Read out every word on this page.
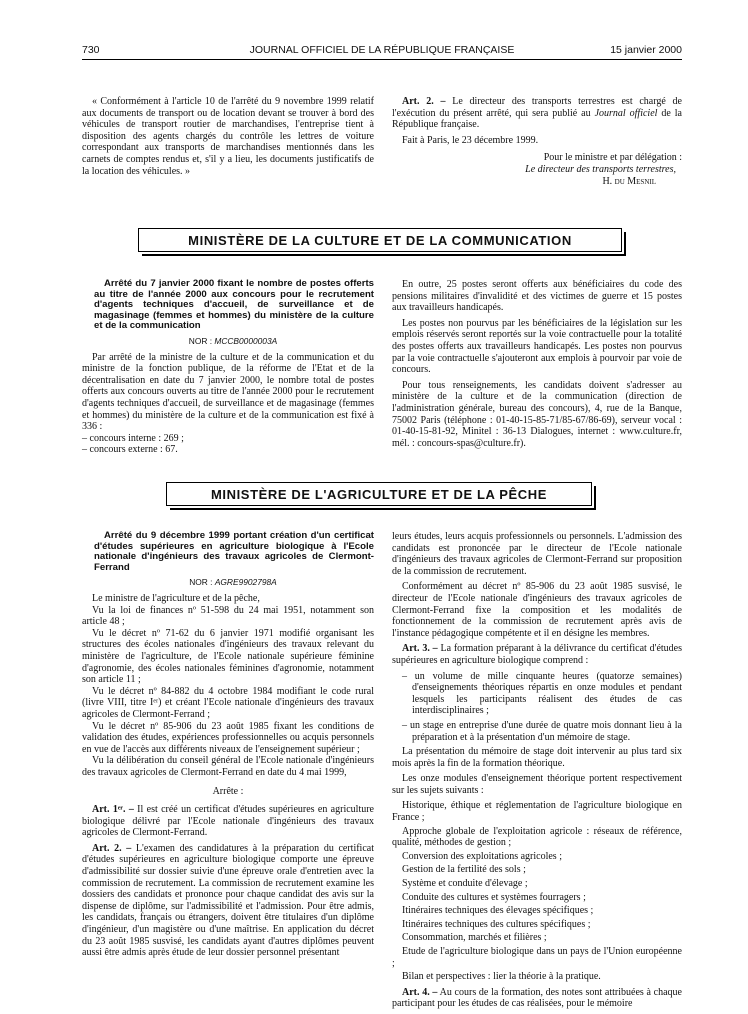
730	JOURNAL OFFICIEL DE LA RÉPUBLIQUE FRANÇAISE	15 janvier 2000

« Conformément à l'article 10 de l'arrêté du 9 novembre 1999 relatif aux documents de transport ou de location devant se trouver à bord des véhicules de transport routier de marchandises, l'entreprise tient à disposition des agents chargés du contrôle les lettres de voiture correspondant aux transports de marchandises mentionnés dans les carnets de comptes rendus et, s'il y a lieu, les documents justificatifs de la location des véhicules. »

Art. 2. – Le directeur des transports terrestres est chargé de l'exécution du présent arrêté, qui sera publié au Journal officiel de la République française.

Fait à Paris, le 23 décembre 1999.

Pour le ministre et par délégation :

Le directeur des transports terrestres,

H. du Mesnil

MINISTÈRE DE LA CULTURE ET DE LA COMMUNICATION

Arrêté du 7 janvier 2000 fixant le nombre de postes offerts au titre de l'année 2000 aux concours pour le recrutement d'agents techniques d'accueil, de surveillance et de magasinage (femmes et hommes) du ministère de la culture et de la communication

NOR : MCCB0000003A

Par arrêté de la ministre de la culture et de la communication et du ministre de la fonction publique, de la réforme de l'Etat et de la décentralisation en date du 7 janvier 2000, le nombre total de postes offerts aux concours ouverts au titre de l'année 2000 pour le recrutement d'agents techniques d'accueil, de surveillance et de magasinage (femmes et hommes) du ministère de la culture et de la communication est fixé à 336 :

– concours interne : 269 ;

– concours externe : 67.

En outre, 25 postes seront offerts aux bénéficiaires du code des pensions militaires d'invalidité et des victimes de guerre et 15 postes aux travailleurs handicapés.

Les postes non pourvus par les bénéficiaires de la législation sur les emplois réservés seront reportés sur la voie contractuelle pour la totalité des postes offerts aux travailleurs handicapés. Les postes non pourvus par la voie contractuelle s'ajouteront aux emplois à pourvoir par voie de concours.

Pour tous renseignements, les candidats doivent s'adresser au ministère de la culture et de la communication (direction de l'administration générale, bureau des concours), 4, rue de la Banque, 75002 Paris (téléphone : 01-40-15-85-71/85-67/86-69), serveur vocal : 01-40-15-81-92, Minitel : 36-13 Dialogues, internet : www.culture.fr, mél. : concours-spas@culture.fr).

MINISTÈRE DE L'AGRICULTURE ET DE LA PÊCHE

Arrêté du 9 décembre 1999 portant création d'un certificat d'études supérieures en agriculture biologique à l'Ecole nationale d'ingénieurs des travaux agricoles de Clermont-Ferrand

NOR : AGRE9902798A

Le ministre de l'agriculture et de la pêche,

Vu la loi de finances nº 51-598 du 24 mai 1951, notamment son article 48 ;

Vu le décret nº 71-62 du 6 janvier 1971 modifié organisant les structures des écoles nationales d'ingénieurs des travaux relevant du ministère de l'agriculture, de l'Ecole nationale supérieure féminine d'agronomie, des écoles nationales féminines d'agronomie, notamment son article 11 ;

Vu le décret nº 84-882 du 4 octobre 1984 modifiant le code rural (livre VIII, titre Iᵉʳ) et créant l'Ecole nationale d'ingénieurs des travaux agricoles de Clermont-Ferrand ;

Vu le décret nº 85-906 du 23 août 1985 fixant les conditions de validation des études, expériences professionnelles ou acquis personnels en vue de l'accès aux différents niveaux de l'enseignement supérieur ;

Vu la délibération du conseil général de l'Ecole nationale d'ingénieurs des travaux agricoles de Clermont-Ferrand en date du 4 mai 1999,

Arrête :

Art. 1ᵉʳ. – Il est créé un certificat d'études supérieures en agriculture biologique délivré par l'Ecole nationale d'ingénieurs des travaux agricoles de Clermont-Ferrand.

Art. 2. – L'examen des candidatures à la préparation du certificat d'études supérieures en agriculture biologique comporte une épreuve d'admissibilité sur dossier suivie d'une épreuve orale d'entretien avec la commission de recrutement. La commission de recrutement examine les dossiers des candidats et prononce pour chaque candidat des avis sur la dispense de diplôme, sur l'admissibilité et l'admission. Pour être admis, les candidats, français ou étrangers, doivent être titulaires d'un diplôme d'ingénieur, d'un magistère ou d'une maîtrise. En application du décret du 23 août 1985 susvisé, les candidats ayant d'autres diplômes peuvent aussi être admis après étude de leur dossier personnel présentant

leurs études, leurs acquis professionnels ou personnels. L'admission des candidats est prononcée par le directeur de l'Ecole nationale d'ingénieurs des travaux agricoles de Clermont-Ferrand sur proposition de la commission de recrutement.

Conformément au décret nº 85-906 du 23 août 1985 susvisé, le directeur de l'Ecole nationale d'ingénieurs des travaux agricoles de Clermont-Ferrand fixe la composition et les modalités de fonctionnement de la commission de recrutement après avis de l'instance pédagogique compétente et il en désigne les membres.

Art. 3. – La formation préparant à la délivrance du certificat d'études supérieures en agriculture biologique comprend :

– un volume de mille cinquante heures (quatorze semaines) d'enseignements théoriques répartis en onze modules et pendant lesquels les participants réalisent des études de cas interdisciplinaires ;

– un stage en entreprise d'une durée de quatre mois donnant lieu à la préparation et à la présentation d'un mémoire de stage.

La présentation du mémoire de stage doit intervenir au plus tard six mois après la fin de la formation théorique.

Les onze modules d'enseignement théorique portent respectivement sur les sujets suivants :

Historique, éthique et réglementation de l'agriculture biologique en France ;

Approche globale de l'exploitation agricole : réseaux de référence, qualité, méthodes de gestion ;

Conversion des exploitations agricoles ;

Gestion de la fertilité des sols ;

Système et conduite d'élevage ;

Conduite des cultures et systèmes fourragers ;

Itinéraires techniques des élevages spécifiques ;

Itinéraires techniques des cultures spécifiques ;

Consommation, marchés et filières ;

Etude de l'agriculture biologique dans un pays de l'Union européenne ;

Bilan et perspectives : lier la théorie à la pratique.

Art. 4. – Au cours de la formation, des notes sont attribuées à chaque participant pour les études de cas réalisées, pour le mémoire
